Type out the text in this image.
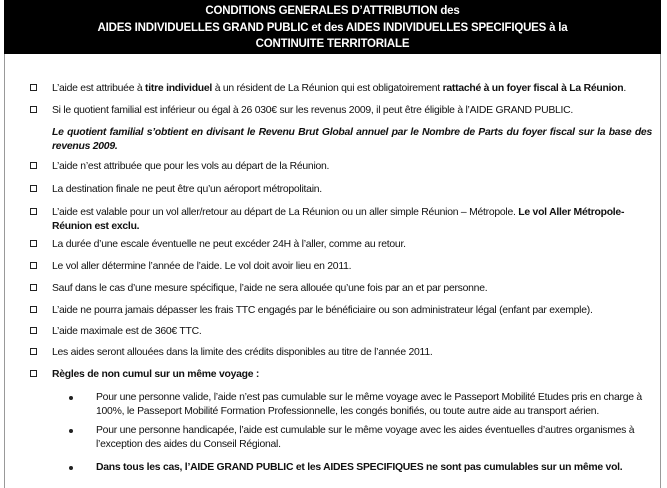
CONDITIONS GENERALES D’ATTRIBUTION des
AIDES INDIVIDUELLES GRAND PUBLIC et des AIDES INDIVIDUELLES SPECIFIQUES à la
CONTINUITE TERRITORIALE
L’aide est attribuée à titre individuel à un résident de La Réunion qui est obligatoirement rattaché à un foyer fiscal à La Réunion.
Si le quotient familial est inférieur ou égal à 26 030€ sur les revenus 2009, il peut être éligible à l’AIDE GRAND PUBLIC.
Le quotient familial s’obtient en divisant le Revenu Brut Global annuel par le Nombre de Parts du foyer fiscal sur la base des revenus 2009.
L’aide n’est attribuée que pour les vols au départ de la Réunion.
La destination finale ne peut être qu’un aéroport métropolitain.
L’aide est valable pour un vol aller/retour au départ de La Réunion ou un aller simple Réunion – Métropole. Le vol Aller Métropole-Réunion est exclu.
La durée d’une escale éventuelle ne peut excéder 24H à l’aller, comme au retour.
Le vol aller détermine l’année de l’aide. Le vol doit avoir lieu en 2011.
Sauf dans le cas d’une mesure spécifique, l’aide ne sera allouée qu’une fois par an et par personne.
L’aide ne pourra jamais dépasser les frais TTC engagés par le bénéficiaire ou son administrateur légal (enfant par exemple).
L’aide maximale est de 360€ TTC.
Les aides seront allouées dans la limite des crédits disponibles au titre de l’année 2011.
Règles de non cumul sur un même voyage :
Pour une personne valide, l’aide n’est pas cumulable sur le même voyage avec le Passeport Mobilité Etudes pris en charge à 100%, le Passeport Mobilité Formation Professionnelle, les congés bonifiés, ou toute autre aide au transport aérien.
Pour une personne handicapée, l’aide est cumulable sur le même voyage avec les aides éventuelles d’autres organismes à l’exception des aides du Conseil Régional.
Dans tous les cas, l’AIDE GRAND PUBLIC et les AIDES SPECIFIQUES ne sont pas cumulables sur un même vol.
